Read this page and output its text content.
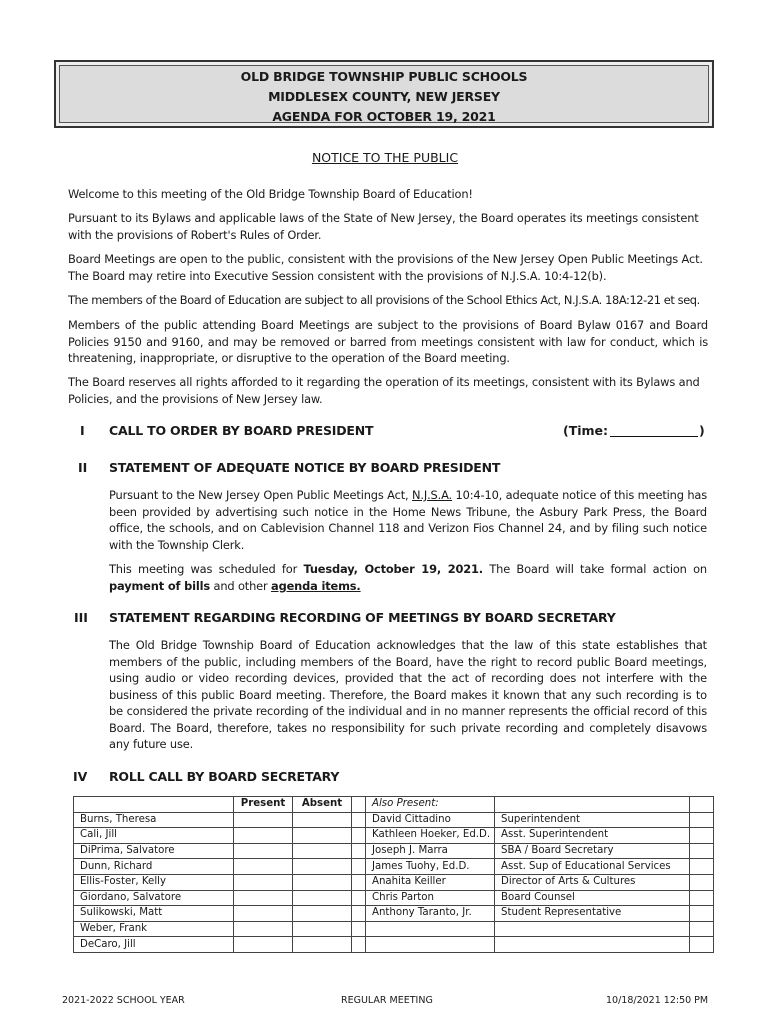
OLD BRIDGE TOWNSHIP PUBLIC SCHOOLS
MIDDLESEX COUNTY, NEW JERSEY
AGENDA FOR OCTOBER 19, 2021
NOTICE TO THE PUBLIC
Welcome to this meeting of the Old Bridge Township Board of Education!
Pursuant to its Bylaws and applicable laws of the State of New Jersey, the Board operates its meetings consistent with the provisions of Robert's Rules of Order.
Board Meetings are open to the public, consistent with the provisions of the New Jersey Open Public Meetings Act. The Board may retire into Executive Session consistent with the provisions of N.J.S.A. 10:4-12(b).
The members of the Board of Education are subject to all provisions of the School Ethics Act, N.J.S.A. 18A:12-21 et seq.
Members of the public attending Board Meetings are subject to the provisions of Board Bylaw 0167 and Board Policies 9150 and 9160, and may be removed or barred from meetings consistent with law for conduct, which is threatening, inappropriate, or disruptive to the operation of the Board meeting.
The Board reserves all rights afforded to it regarding the operation of its meetings, consistent with its Bylaws and Policies, and the provisions of New Jersey law.
I CALL TO ORDER BY BOARD PRESIDENT	(Time:	)
II STATEMENT OF ADEQUATE NOTICE BY BOARD PRESIDENT
Pursuant to the New Jersey Open Public Meetings Act, N.J.S.A. 10:4-10, adequate notice of this meeting has been provided by advertising such notice in the Home News Tribune, the Asbury Park Press, the Board office, the schools, and on Cablevision Channel 118 and Verizon Fios Channel 24, and by filing such notice with the Township Clerk.
This meeting was scheduled for Tuesday, October 19, 2021. The Board will take formal action on payment of bills and other agenda items.
III STATEMENT REGARDING RECORDING OF MEETINGS BY BOARD SECRETARY
The Old Bridge Township Board of Education acknowledges that the law of this state establishes that members of the public, including members of the Board, have the right to record public Board meetings, using audio or video recording devices, provided that the act of recording does not interfere with the business of this public Board meeting. Therefore, the Board makes it known that any such recording is to be considered the private recording of the individual and in no manner represents the official record of this Board. The Board, therefore, takes no responsibility for such private recording and completely disavows any future use.
IV ROLL CALL BY BOARD SECRETARY
	Present	Absent		Also Present:		
Burns, Theresa				David Cittadino	Superintendent	
Cali, Jill				Kathleen Hoeker, Ed.D.	Asst. Superintendent	
DiPrima, Salvatore				Joseph J. Marra	SBA / Board Secretary	
Dunn, Richard				James Tuohy, Ed.D.	Asst. Sup of Educational Services	
Ellis-Foster, Kelly				Anahita Keiller	Director of Arts & Cultures	
Giordano, Salvatore				Chris Parton	Board Counsel	
Sulikowski, Matt				Anthony Taranto, Jr.	Student Representative	
Weber, Frank						
DeCaro, Jill						
2021-2022 SCHOOL YEAR	REGULAR MEETING	10/18/2021 12:50 PM
